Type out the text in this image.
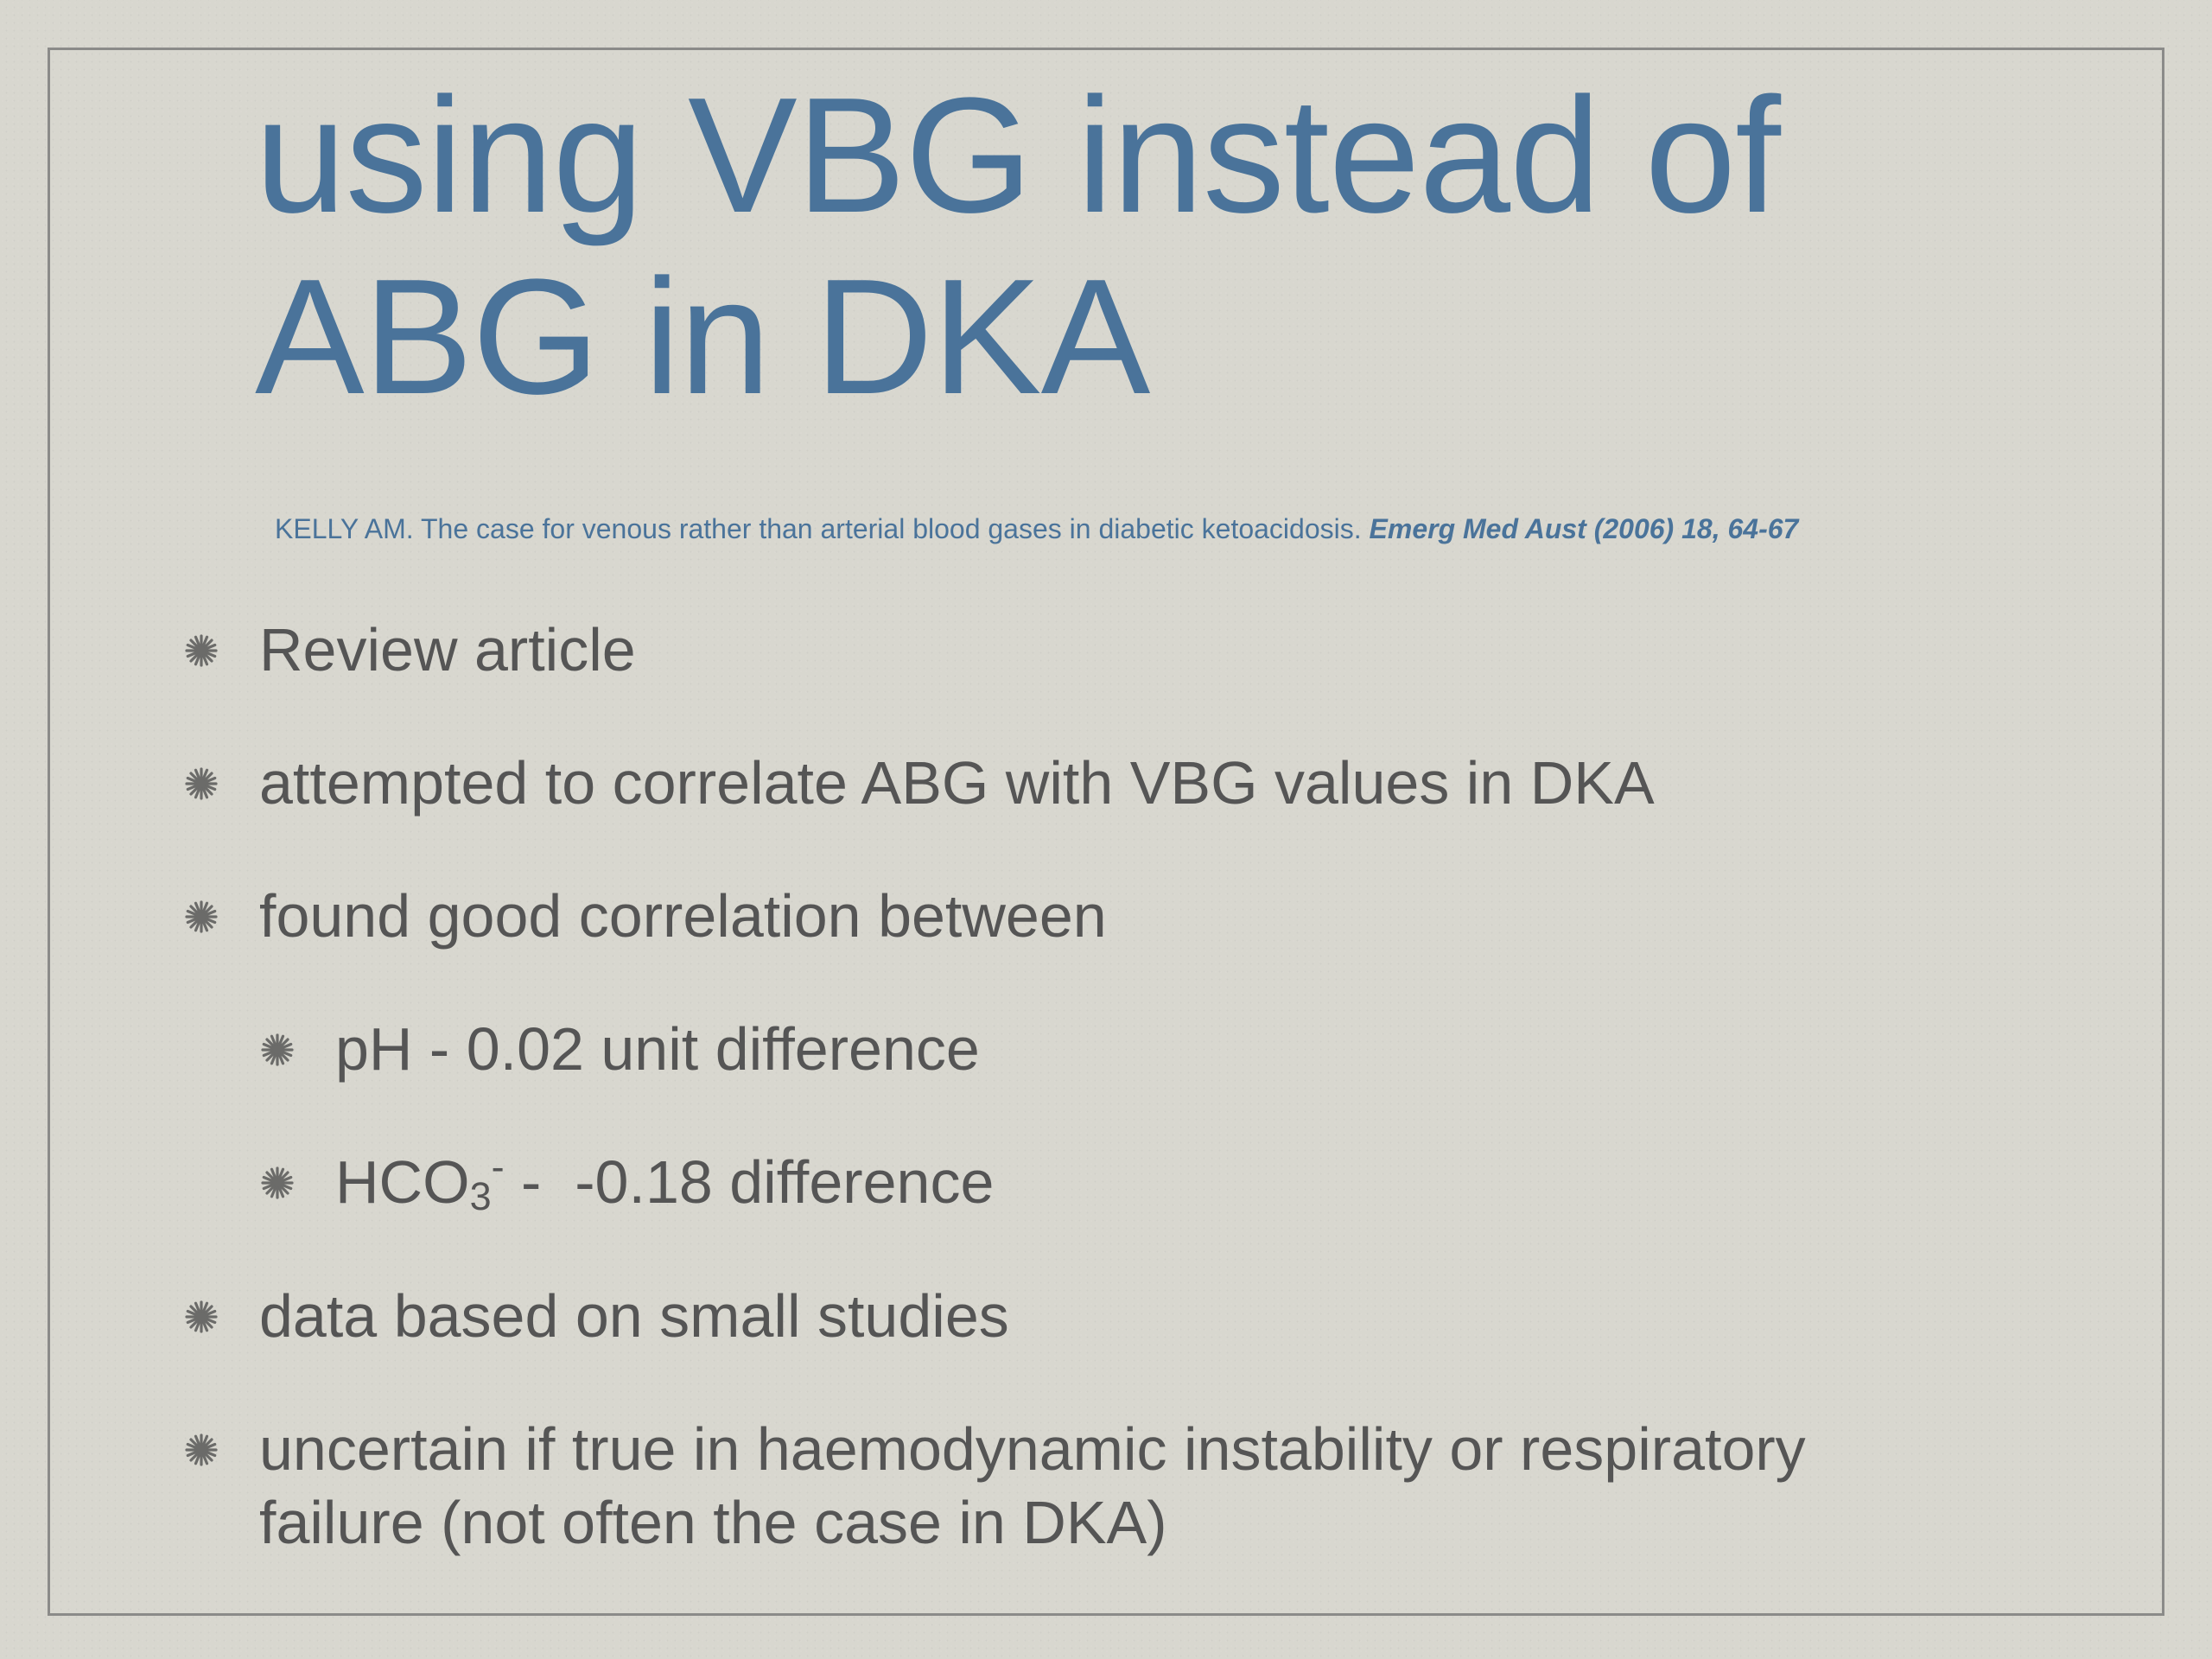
using VBG instead of
ABG in DKA
KELLY AM. The case for venous rather than arterial blood gases in diabetic ketoacidosis. Emerg Med Aust (2006) 18, 64-67
Review article
attempted to correlate ABG with VBG values in DKA
found good correlation between
pH - 0.02 unit difference
$HCO_3^- - -0.18$ difference
data based on small studies
uncertain if true in haemodynamic instability or respiratory
failure (not often the case in DKA)
